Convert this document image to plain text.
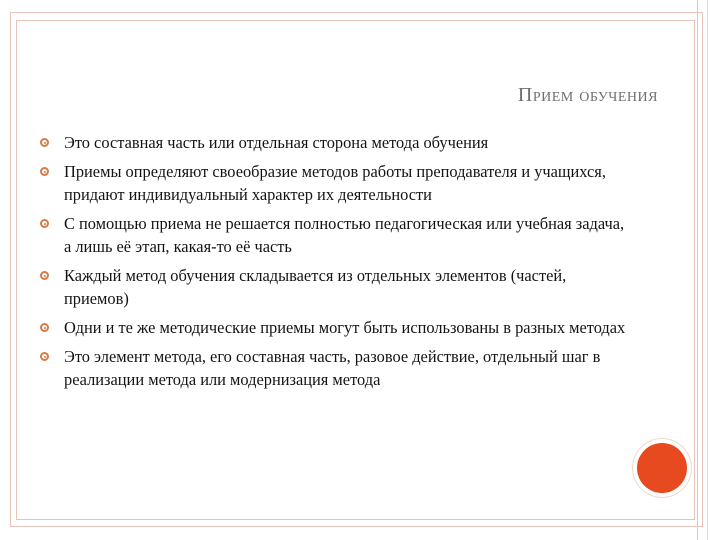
Прием обучения
Это составная часть или отдельная сторона метода обучения
Приемы определяют своеобразие методов работы преподавателя и учащихся, придают индивидуальный характер их деятельности
С помощью приема не решается полностью педагогическая или учебная задача, а лишь её этап, какая-то её часть
Каждый метод обучения складывается из отдельных элементов (частей, приемов)
Одни и те же методические приемы могут быть использованы в разных методах
Это элемент метода, его составная часть, разовое действие, отдельный шаг в реализации метода или модернизация метода
